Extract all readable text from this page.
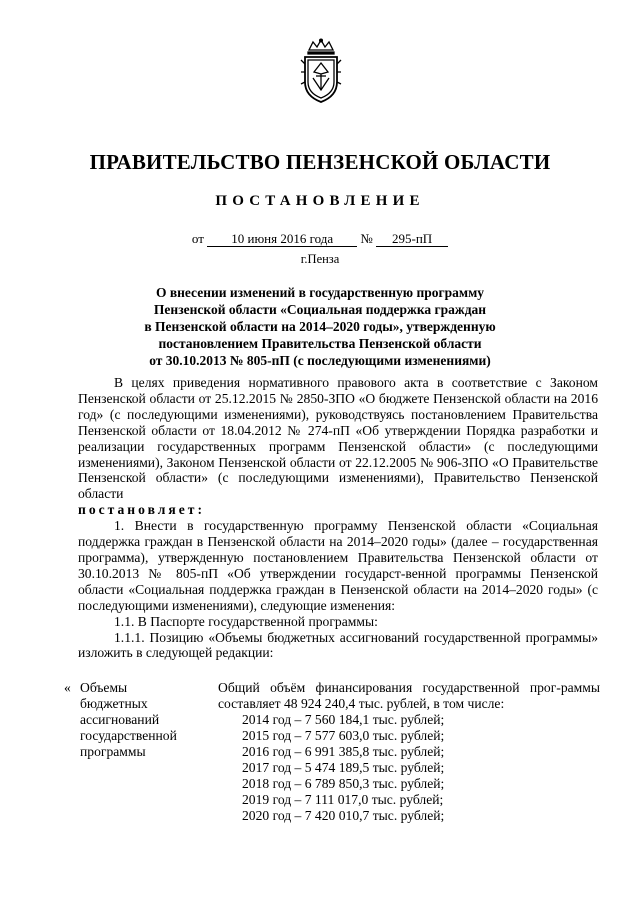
ПРАВИТЕЛЬСТВО ПЕНЗЕНСКОЙ ОБЛАСТИ
ПОСТАНОВЛЕНИЕ
от 10 июня 2016 года № 295-пП
г.Пенза
О внесении изменений в государственную программу
Пензенской области «Социальная поддержка граждан
в Пензенской области на 2014–2020 годы», утвержденную
постановлением Правительства Пензенской области
от 30.10.2013 № 805-пП (с последующими изменениями)

В целях приведения нормативного правового акта в соответствие с Законом Пензенской области от 25.12.2015 № 2850-ЗПО «О бюджете Пензенской области на 2016 год» (с последующими изменениями), руководствуясь постановлением Правительства Пензенской области от 18.04.2012 № 274-пП «Об утверждении Порядка разработки и реализации государственных программ Пензенской области» (с последующими изменениями), Законом Пензенской области от 22.12.2005 № 906-ЗПО «О Правительстве Пензенской области» (с последующими изменениями), Правительство Пензенской области

постановляет:

1. Внести в государственную программу Пензенской области «Социальная поддержка граждан в Пензенской области на 2014–2020 годы» (далее – государственная программа), утвержденную постановлением Правительства Пензенской области от 30.10.2013 № 805-пП «Об утверждении государст-венной программы Пензенской области «Социальная поддержка граждан в Пензенской области на 2014–2020 годы» (с последующими изменениями), следующие изменения:

1.1. В Паспорте государственной программы:

1.1.1. Позицию «Объемы бюджетных ассигнований государственной программы» изложить в следующей редакции:

« Объемы
бюджетных
ассигнований
государственной
программы
Общий объём финансирования государственной прог-раммы составляет 48 924 240,4 тыс. рублей, в том числе:
2014 год – 7 560 184,1 тыс. рублей;
2015 год – 7 577 603,0 тыс. рублей;
2016 год – 6 991 385,8 тыс. рублей;
2017 год – 5 474 189,5 тыс. рублей;
2018 год – 6 789 850,3 тыс. рублей;
2019 год – 7 111 017,0 тыс. рублей;
2020 год – 7 420 010,7 тыс. рублей;
